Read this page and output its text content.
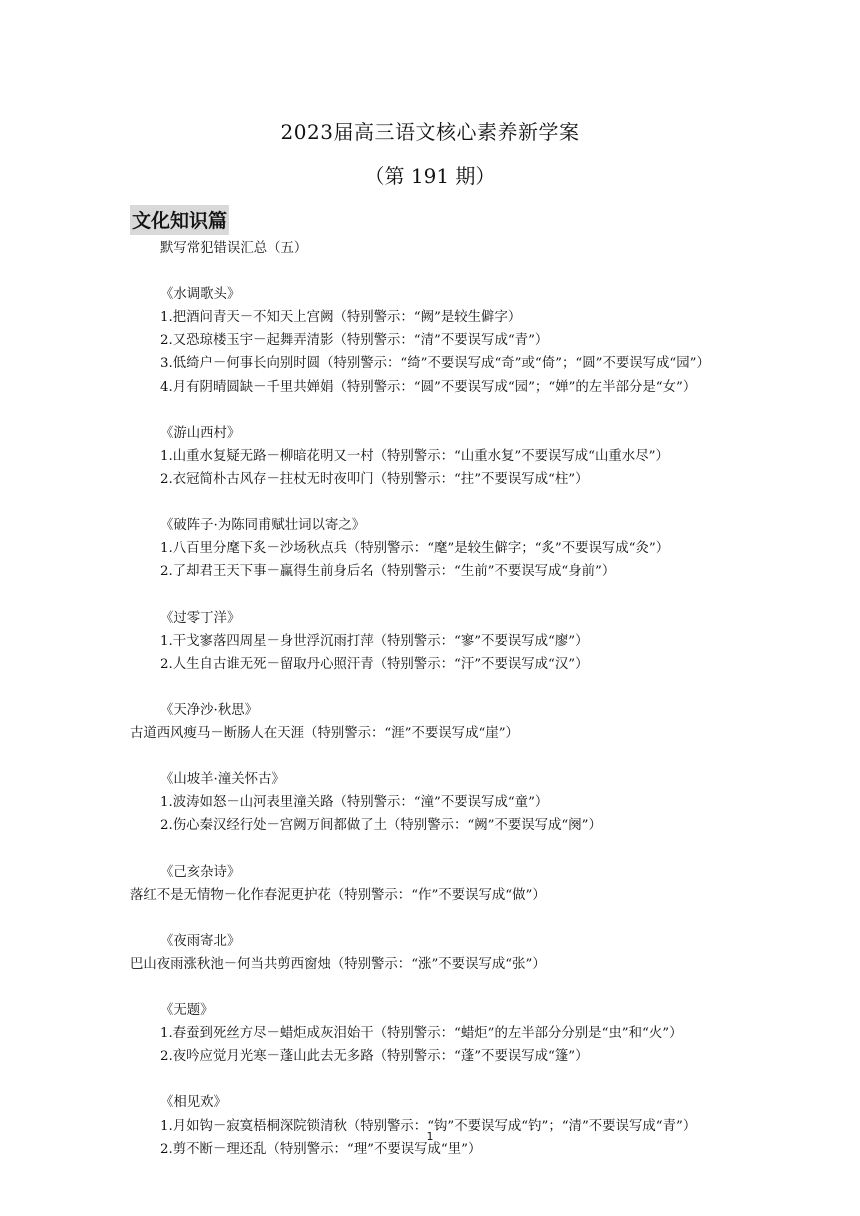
2023届高三语文核心素养新学案
（第 191 期）
文化知识篇

默写常犯错误汇总（五）

《水调歌头》

1.把酒问青天－不知天上宫阙（特别警示：“阙”是较生僻字）

2.又恐琼楼玉宇－起舞弄清影（特别警示：“清”不要误写成“青”）

3.低绮户－何事长向别时圆（特别警示：“绮”不要误写成“奇”或“倚”；“圆”不要误写成“园”）

4.月有阴晴圆缺－千里共婵娟（特别警示：“圆”不要误写成“园”；“婵”的左半部分是“女”）

《游山西村》

1.山重水复疑无路－柳暗花明又一村（特别警示：“山重水复”不要误写成“山重水尽”）

2.衣冠简朴古风存－拄杖无时夜叩门（特别警示：“拄”不要误写成“柱”）

《破阵子·为陈同甫赋壮词以寄之》

1.八百里分麾下炙－沙场秋点兵（特别警示：“麾”是较生僻字；“炙”不要误写成“灸”）

2.了却君王天下事－赢得生前身后名（特别警示：“生前”不要误写成“身前”）

《过零丁洋》

1.干戈寥落四周星－身世浮沉雨打萍（特别警示：“寥”不要误写成“廖”）

2.人生自古谁无死－留取丹心照汗青（特别警示：“汗”不要误写成“汉”）

《天净沙·秋思》

古道西风瘦马－断肠人在天涯（特别警示：“涯”不要误写成“崖”）

《山坡羊·潼关怀古》

1.波涛如怒－山河表里潼关路（特别警示：“潼”不要误写成“童”）

2.伤心秦汉经行处－宫阙万间都做了土（特别警示：“阙”不要误写成“阕”）

《己亥杂诗》

落红不是无情物－化作春泥更护花（特别警示：“作”不要误写成“做”）

《夜雨寄北》

巴山夜雨涨秋池－何当共剪西窗烛（特别警示：“涨”不要误写成“张”）

《无题》

1.春蚕到死丝方尽－蜡炬成灰泪始干（特别警示：“蜡炬”的左半部分分别是“虫”和“火”）

2.夜吟应觉月光寒－蓬山此去无多路（特别警示：“蓬”不要误写成“篷”）

《相见欢》

1.月如钩－寂寞梧桐深院锁清秋（特别警示：“钩”不要误写成“钓”；“清”不要误写成“青”）

2.剪不断－理还乱（特别警示：“理”不要误写成“里”）

1
